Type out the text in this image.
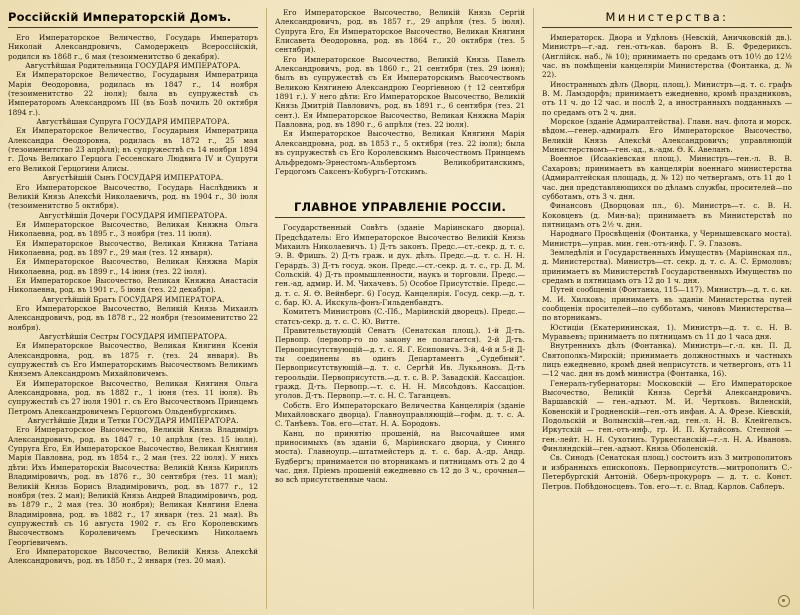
Россійскій Императорскій Домъ.

Его Императорское Величество, Государь Императоръ Николай Александровичъ, Самодержецъ Всероссійскій, родился въ 1868 г., 6 мая (тезоименитство 6 декабря).

Августѣйшая Родительница ГОСУДАРЯ ИМПЕРАТОРА.

Ея Императорское Величество, Государыня Императрица Марія Ѳеодоровна, родилась въ 1847 г., 14 ноября (тезоименитство 22 іюля); была въ супружествѣ съ Императоромъ Александромъ III (въ Бозѣ почилъ 20 октября 1894 г.).

Августѣйшая Супруга ГОСУДАРЯ ИМПЕРАТОРА.

Ея Императорское Величество, Государыня Императрица Александра Ѳеодоровна, родилась въ 1872 г., 25 мая (тезоименитство 23 апрѣля); въ супружествѣ съ 14 ноября 1894 г. Дочь Великаго Герцога Гессенскаго Людвига IV и Супруги его Великой Герцогини Алисы.

Августѣйшій Сынъ ГОСУДАРЯ ИМПЕРАТОРА.

Его Императорское Высочество, Государь Наслѣдникъ и Великій Князь Алексѣй Николаевичъ, род. въ 1904 г., 30 іюля (тезоименитство 5 октября).

Августѣйшія Дочери ГОСУДАРЯ ИМПЕРАТОРА.

Ея Императорское Высочество, Великая Княжна Ольга Николаевна, род. въ 1895 г., 3 ноября (тез. 11 іюля).

Ея Императорское Высочество, Великая Княжна Татіана Николаевна, род. въ 1897 г., 29 мая (тез. 12 января).

Ея Императорское Высочество, Великая Княжна Марія Николаевна, род. въ 1899 г., 14 іюня (тез. 22 іюля).

Ея Императорское Высочество, Великая Княжна Анастасія Николаевна, род. въ 1901 г., 5 іюня (тез. 22 декабря).

Августѣйшій Братъ ГОСУДАРЯ ИМПЕРАТОРА.

Его Императорское Высочество, Великій Князь Михаилъ Александровичъ, род. въ 1878 г., 22 ноября (тезоименитство 22 ноября).

Августѣйшія Сестры ГОСУДАРЯ ИМПЕРАТОРА.

Ея Императорское Высочество, Великая Княгиня Ксенія Александровна, род. въ 1875 г. (тез. 24 января). Въ супружествѣ съ Его Императорскимъ Высочествомъ Великимъ Княземъ Александромъ Михайловичемъ.

Ея Императорское Высочество, Великая Княгиня Ольга Александровна, род. въ 1882 г., 1 іюня (тез. 11 іюля). Въ супружествѣ съ 27 іюля 1901 г. съ Его Высочествомъ Принцемъ Петромъ Александровичемъ Герцогомъ Ольденбургскимъ.

Августѣйшіе Дяди и Тетки ГОСУДАРЯ ИМПЕРАТОРА.

Его Императорское Высочество, Великій Князь Владиміръ Александровичъ, род. въ 1847 г., 10 апрѣля (тез. 15 іюля). Супруга Его, Ея Императорское Высочество, Великая Княгиня Марія Павловна, род. въ 1854 г., 2 мая (тез. 22 іюля). У нихъ дѣти: Ихъ Императорскія Высочества: Великій Князь Кириллъ Владиміровичъ, род. въ 1876 г., 30 сентября (тез. 11 мая); Великій Князь Борисъ Владиміровичъ, род. въ 1877 г., 12 ноября (тез. 2 мая); Великій Князь Андрей Владиміровичъ, род. въ 1879 г., 2 мая (тез. 30 ноября); Великая Княгиня Елена Владиміровна, род. въ 1882 г., 17 января (тез. 21 мая). Въ супружествѣ съ 16 августа 1902 г. съ Его Королевскимъ Высочествомъ Королевичемъ Греческимъ Николаемъ Георгіевичемъ.

Его Императорское Высочество, Великій Князь Алексѣй Александровичъ, род. въ 1850 г., 2 января (тез. 20 мая).

Его Императорское Высочество, Великій Князь Сергій Александровичъ, род. въ 1857 г., 29 апрѣля (тез. 5 іюля). Супруга Его, Ея Императорское Высочество, Великая Княгиня Елисавета Ѳеодоровна, род. въ 1864 г., 20 октября (тез. 5 сентября).

Его Императорское Высочество, Великій Князь Павелъ Александровичъ, род. въ 1860 г., 21 сентября (тез. 29 іюня); былъ въ супружествѣ съ Ея Императорскимъ Высочествомъ Великою Княгинею Александрою Георгіевною († 12 сентября 1891 г.). У него дѣти: Его Императорское Высочество, Великій Князь Дмитрій Павловичъ, род. въ 1891 г., 6 сентября (тез. 21 сент.). Ея Императорское Высочество, Великая Княжна Марія Павловна, род. въ 1890 г., 6 апрѣля (тез. 22 іюля).

Ея Императорское Высочество, Великая Княгиня Марія Александровна, род. въ 1853 г., 5 октября (тез. 22 іюля); была въ супружествѣ съ Его Королевскимъ Высочествомъ Принцемъ Альфредомъ-Эрнестомъ-Альбертомъ Великобританскимъ, Герцогомъ Саксенъ-Кобургъ-Готскимъ.

ГЛАВНОЕ УПРАВЛЕНІЕ РОССІИ.

Государственный Совѣтъ (зданіе Маріинскаго дворца). Предсѣдатель: Его Императорское Высочество Великій Князь Михаилъ Николаевичъ. 1) Д-тъ законъ. Предс.—ст.-секр. д. т. с. Э. В. Фришъ. 2) Д-тъ граж. и дух. дѣлъ. Предс.—д. т. с. Н. Н. Герардъ. 3) Д-тъ госуд. экон. Предс.—ст.-секр. д. т. с., гр. Д. М. Сольскій. 4) Д-тъ промышленности, наукъ и торговли. Предс.—ген.-ад. адмир. И. М. Чихачевъ. 5) Особое Присутствіе. Предс.—д. т. с. Я. Ѳ. Вейнберг. 6) Госуд. Канцелярія. Госуд. секр.—д. т. с. бар. Ю. А. Икскуль-фонъ-Гильденбандтъ.

Комитетъ Министровъ (С.-Пб., Маріинскій дворецъ). Предс.—статсъ-секр. д. т. с. С. Ю. Витте.

Правительствующій Сенатъ (Сенатская площ.). 1-й Д-тъ. Первопр. (первопр-го по закону не полагается). 2-й Д-тъ. Первоприсутствующій—д. т. с. Я. Г. Есиповичъ. 3-й, 4-й и 5-й Д-ты соединены въ одинъ Департаментъ „Судебный“. Первоприсутствующій—д. т. с. Сергѣй Ив. Лукьяновъ. Д-тъ героольдіи. Первоприсутств.—д. т. с. В. Р. Завадскій. Кассаціон. гражд. Д-тъ. Первопр.—т. с. Н. Н. Мясоѣдовъ. Кассаціон. уголов. Д-тъ. Первопр.—т. с. Н. С. Таганцевъ.

Собств. Его Императорскаго Величества Канцелярія (зданіе Михайловскаго дворца). Главноуправляющій—гофм. д. т. с. А. С. Танѣевъ. Тов. его—стат. Н. А. Бородовъ.

Канц. по принятію прошеній, на Высочайшее имя приносимыхъ (въ зданіи 6, Маріинскаго дворца, у Синяго моста). Главноупр.—штатмейстеръ д. т. с. бар. А.-др. Андр. Будбергъ; принимается по вторникамъ и пятницамъ отъ 2 до 4 час. дня. Пріемъ прошеній ежедневно съ 12 до 3 ч., срочныя—во всѣ присутственные часы.

Министерства:

Императорск. Двора и Удѣловъ (Невскій, Аничковскій дв.). Министръ—г.-ад. ген.-отъ-кав. баронъ В. Б. Фредериксъ. (Англійск. наб., № 10); принимаетъ по средамъ отъ 10½ до 12½ час. въ помѣщеніи канцеляріи Министерства (Фонтанка, д. № 22).

Иностранныхъ дѣлъ (Дворц. площ.). Министръ—д. т. с. графъ В. М. Ламздорфъ; принимаетъ ежедневно, кромѣ праздниковъ, отъ 11 ч. до 12 час. и послѣ 2, а иностранныхъ подданныхъ — по средамъ отъ 2 ч. дня.

Морское (зданіе Адмиралтейства). Главн. нач. флота и морск. вѣдом.—генер.-адмиралъ Его Императорское Высочество, Великій Князь Алексѣй Александровичъ; управляющій Министерствомъ—ген.-ад., в.-адм. Ѳ. К. Авеланъ.

Военное (Исаакіевская площ.). Министръ—ген.-л. В. В. Сахаровъ; принимаетъ въ канцеляріи военнаго министерства (Адмиралтейская площадь, д. № 12) по четвергамъ, отъ 11 до 1 час. дня представляющихся по дѣламъ службы, просителей—по субботамъ, отъ 3 ч. дня.

Финансовъ (Дворцовая пл., 6). Министръ—т. с. В. Н. Коковцевъ (д. Мин-ва); принимаетъ въ Министерствѣ по пятницамъ отъ 2½ ч. дня.

Народнаго Просвѣщенія (Фонтанка, у Чернышевскаго моста). Министръ—управ. мин. ген.-отъ-инф. Г. Э. Глазовъ.

Земледѣлія и Государственныхъ Имуществъ (Маріинская пл., д. Министерства). Министръ—ст. секр. д. т. с. А. С. Ермоловъ; принимаетъ въ Министерствѣ Государственныхъ Имуществъ по средамъ и пятницамъ отъ 12 до 1 ч. дня.

Путей сообщенія (Фонтанка, 115—117). Министръ—д. т. с. кн. М. И. Хилковъ; принимаетъ въ зданіи Министерства путей сообщенія просителей—по субботамъ, чиновъ Министерства—по вторникамъ.

Юстиціи (Екатерининская, 1). Министръ—д. т. с. Н. В. Муравьевъ; принимаетъ по пятницамъ съ 11 до 1 часа дня.

Внутреннихъ дѣлъ (Фонтанка). Министръ—г.-л. кн. П. Д. Святополкъ-Мирскій; принимаетъ должностныхъ и частныхъ лицъ ежедневно, кромѣ дней неприсутств. и четверговъ, отъ 11—12 час. дня въ домѣ министра (Фонтанка, 16).

Генералъ-губернаторы: Московскій — Его Императорское Высочество, Великій Князь Сергѣй Александровичъ. Варшавскій — ген.-адъют. М. И. Чертковъ. Виленскій, Ковенскій и Гродненскій—ген.-отъ инфан. А. А. Фрезе. Кіевскій, Подольскій и Волынскій—ген.-ад. ген.-л. Н. В. Клейгельсъ. Иркутскій — ген.-отъ-инф., гр. И. П. Кутайсовъ. Степной — ген.-лейт. Н. Н. Сухотинъ. Туркестанскій—г.-л. Н. А. Ивановъ. Финляндскій—ген.-адъют. Князь Оболенскій.

Св. Синодъ (Сенатская площ.) состоитъ изъ 3 митрополитовъ и избранныхъ епископовъ. Первоприсутств.—митрополитъ С.-Петербургскій Антоній. Оберъ-прокуроръ — д. т. с. Конст. Петров. Побѣдоносцевъ. Тов. его—т. с. Влад. Карлов. Саблеръ.
